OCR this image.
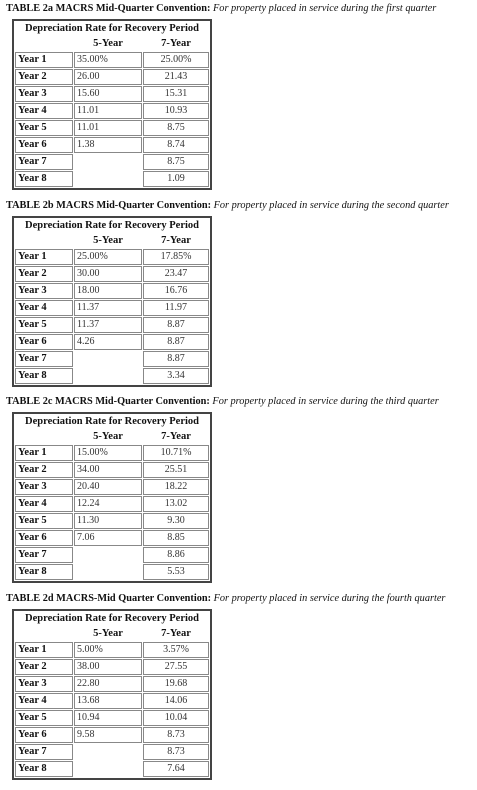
TABLE 2a MACRS Mid-Quarter Convention: For property placed in service during the first quarter
Depreciation Rate for Recovery Period		
	5-Year	7-Year
Year 1	35.00%	25.00%
Year 2	26.00	21.43
Year 3	15.60	15.31
Year 4	11.01	10.93
Year 5	11.01	8.75
Year 6	1.38	8.74
Year 7		8.75
Year 8		1.09
TABLE 2b MACRS Mid-Quarter Convention: For property placed in service during the second quarter
Depreciation Rate for Recovery Period		
	5-Year	7-Year
Year 1	25.00%	17.85%
Year 2	30.00	23.47
Year 3	18.00	16.76
Year 4	11.37	11.97
Year 5	11.37	8.87
Year 6	4.26	8.87
Year 7		8.87
Year 8		3.34
TABLE 2c MACRS Mid-Quarter Convention: For property placed in service during the third quarter
Depreciation Rate for Recovery Period		
	5-Year	7-Year
Year 1	15.00%	10.71%
Year 2	34.00	25.51
Year 3	20.40	18.22
Year 4	12.24	13.02
Year 5	11.30	9.30
Year 6	7.06	8.85
Year 7		8.86
Year 8		5.53
TABLE 2d MACRS-Mid Quarter Convention: For property placed in service during the fourth quarter
Depreciation Rate for Recovery Period		
	5-Year	7-Year
Year 1	5.00%	3.57%
Year 2	38.00	27.55
Year 3	22.80	19.68
Year 4	13.68	14.06
Year 5	10.94	10.04
Year 6	9.58	8.73
Year 7		8.73
Year 8		7.64
